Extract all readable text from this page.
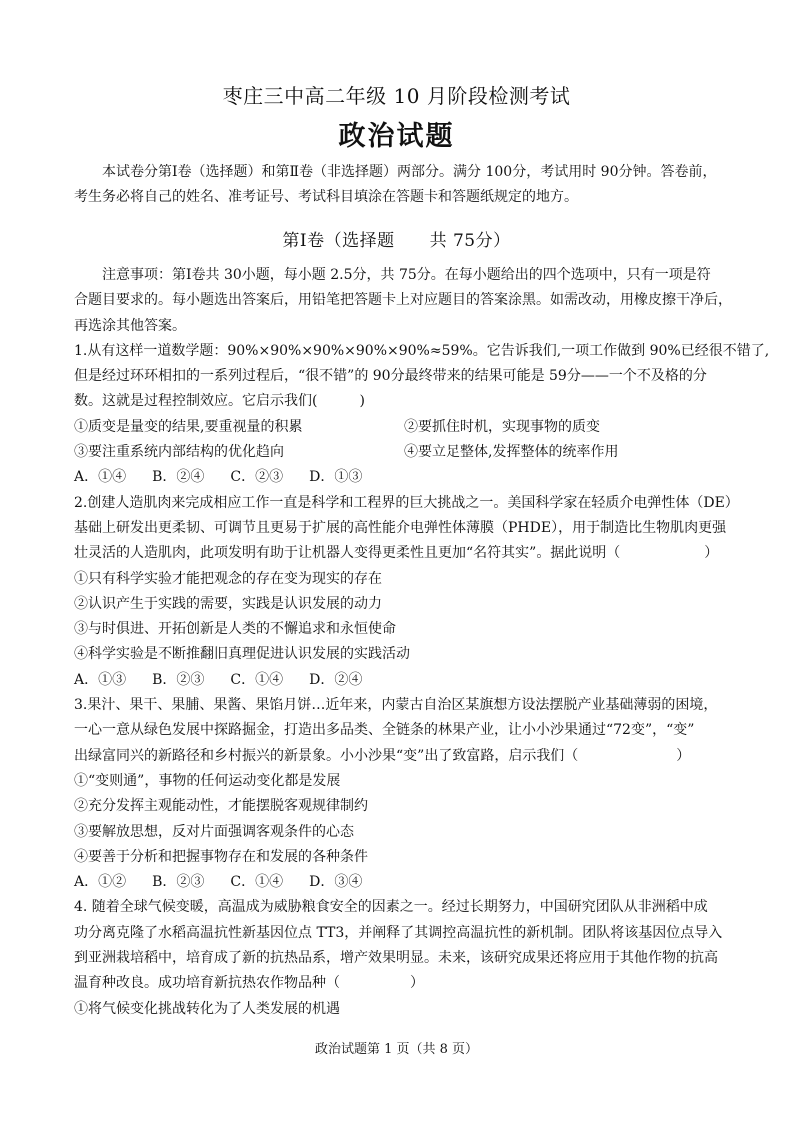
枣庄三中高二年级 10 月阶段检测考试
政治试题
本试卷分第Ⅰ卷（选择题）和第Ⅱ卷（非选择题）两部分。满分 100分，考试用时 90分钟。答卷前，
考生务必将自己的姓名、准考证号、考试科目填涂在答题卡和答题纸规定的地方。
第Ⅰ卷（选择题　　共 75分）
注意事项：第Ⅰ卷共 30小题，每小题 2.5分，共 75分。在每小题给出的四个选项中，只有一项是符
合题目要求的。每小题选出答案后，用铅笔把答题卡上对应题目的答案涂黑。如需改动，用橡皮擦干净后，
再选涂其他答案。
1.从有这样一道数学题：90%×90%×90%×90%×90%≈59%。它告诉我们,一项工作做到 90%已经很不错了,
但是经过环环相扣的一系列过程后，“很不错”的 90分最终带来的结果可能是 59分——一个不及格的分
数。这就是过程控制效应。它启示我们(　　　)
①质变是量变的结果,要重视量的积累	②要抓住时机，实现事物的质变
③要注重系统内部结构的优化趋向	④要立足整体,发挥整体的统率作用
A．①④ B．②④ C．②③ D．①③
2.创建人造肌肉来完成相应工作一直是科学和工程界的巨大挑战之一。美国科学家在轻质介电弹性体（DE）
基础上研发出更柔韧、可调节且更易于扩展的高性能介电弹性体薄膜（PHDE），用于制造比生物肌肉更强
壮灵活的人造肌肉，此项发明有助于让机器人变得更柔性且更加“名符其实”。据此说明（　　　　　　）
①只有科学实验才能把观念的存在变为现实的存在
②认识产生于实践的需要，实践是认识发展的动力
③与时俱进、开拓创新是人类的不懈追求和永恒使命
④科学实验是不断推翻旧真理促进认识发展的实践活动
A．①③ B．②③ C．①④ D．②④
3.果汁、果干、果脯、果酱、果馅月饼…近年来，内蒙古自治区某旗想方设法摆脱产业基础薄弱的困境，
一心一意从绿色发展中探路掘金，打造出多品类、全链条的林果产业，让小小沙果通过“72变”，“变”
出绿富同兴的新路径和乡村振兴的新景象。小小沙果“变”出了致富路，启示我们（　　　　　　　）
①“变则通”，事物的任何运动变化都是发展
②充分发挥主观能动性，才能摆脱客观规律制约
③要解放思想，反对片面强调客观条件的心态
④要善于分析和把握事物存在和发展的各种条件
A．①② B．②③ C．①④ D．③④
4. 随着全球气候变暖，高温成为威胁粮食安全的因素之一。经过长期努力，中国研究团队从非洲稻中成
功分离克隆了水稻高温抗性新基因位点 TT3，并阐释了其调控高温抗性的新机制。团队将该基因位点导入
到亚洲栽培稻中，培育成了新的抗热品系，增产效果明显。未来，该研究成果还将应用于其他作物的抗高
温育种改良。成功培育新抗热农作物品种（　　　　　）
①将气候变化挑战转化为了人类发展的机遇
政治试题第 1 页（共 8 页）
